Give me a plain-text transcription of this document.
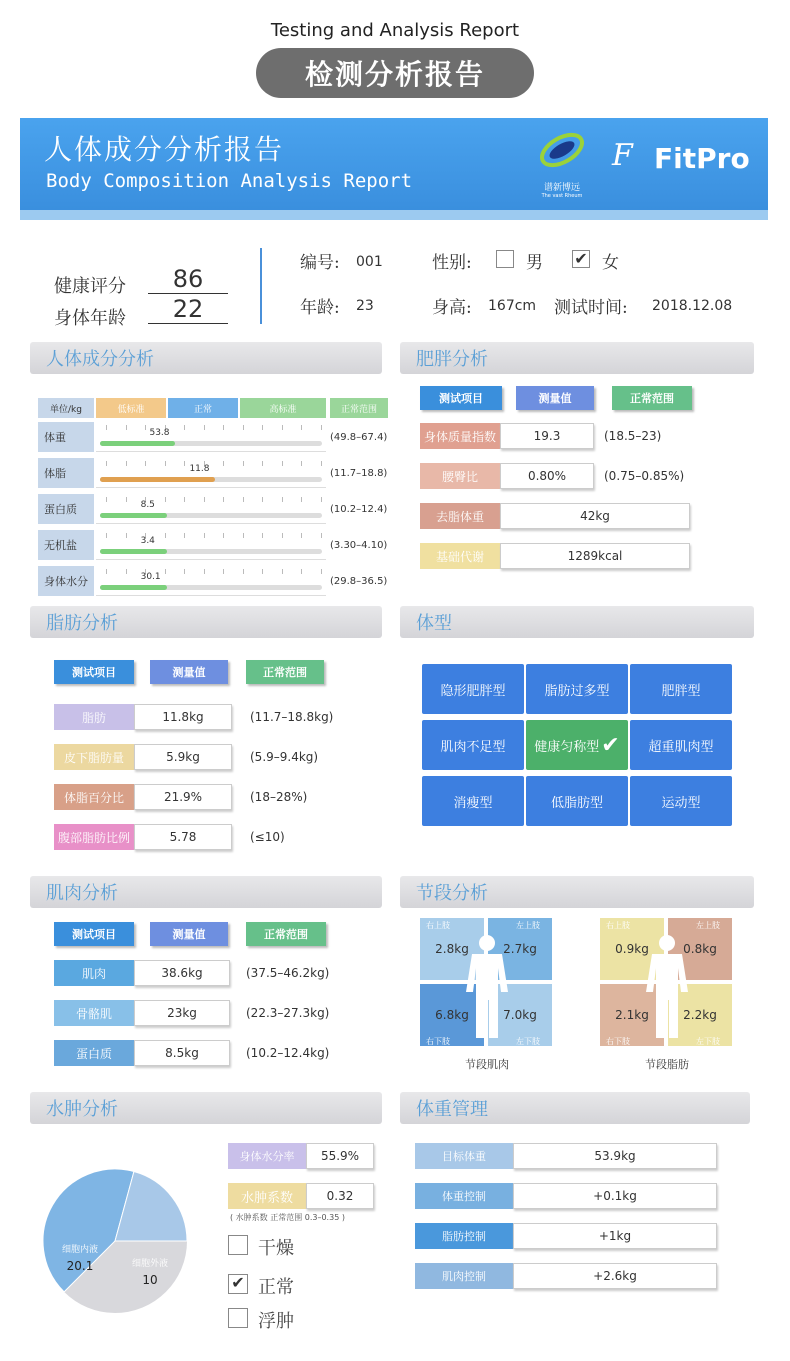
Testing and Analysis Report
检测分析报告
人体成分分析报告
Body Composition Analysis Report	谱新博远
The vast Rheum
F FitPro
健康评分	86
身体年龄	22
编号: 001	性别:	男 ✔ 女
年龄: 23	身高: 167cm 测试时间: 2018.12.08
人体成分分析	肥胖分析
脂肪分析	体型
肌肉分析	节段分析
水肿分析	体重管理
单位/kg	低标准	正常	高标准	正常范围
体重	53.8	(49.8–67.4)
体脂	11.8	(11.7–18.8)
蛋白质	8.5	(10.2–12.4)
无机盐	3.4	(3.30–4.10)
身体水分	30.1	(29.8–36.5)
测试项目	测量值	正常范围
身体质量指数	19.3	(18.5–23)
腰臀比	0.80%	(0.75–0.85%)
去脂体重	42kg
基础代谢	1289kcal
测试项目	测量值	正常范围
脂肪	11.8kg	(11.7–18.8kg)
皮下脂肪量	5.9kg	(5.9–9.4kg)
体脂百分比	21.9%	(18–28%)
腹部脂肪比例	5.78	(≤10)
隐形肥胖型	脂肪过多型	肥胖型
肌肉不足型 健康匀称型 ✔ 超重肌肉型
消瘦型	低脂肪型	运动型
测试项目	测量值	正常范围
肌肉	38.6kg	(37.5–46.2kg)
骨骼肌	23kg	(22.3–27.3kg)
蛋白质	8.5kg	(10.2–12.4kg)
2.8kg	2.7kg
6.8kg	7.0kg
右上肢	左上肢
右下肢	左下肢
节段肌肉
0.9kg	0.8kg
2.1kg	2.2kg
右上肢	左上肢
右下肢	左下肢
节段脂肪
细胞内液
20.1	细胞外液
10
身体水分率	55.9%
水肿系数	0.32
( 水肿系数 正常范围 0.3–0.35 )
干燥
✔ 正常
浮肿
目标体重	53.9kg
体重控制	+0.1kg
脂肪控制	+1kg
肌肉控制	+2.6kg
